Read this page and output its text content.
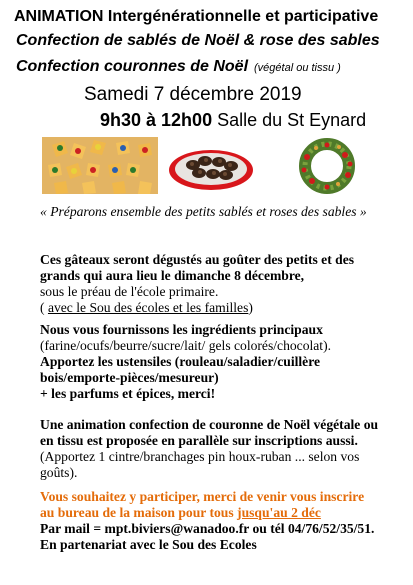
ANIMATION Intergénérationnelle et participative
Confection de sablés de Noël & rose des sables
Confection couronnes de Noël (végétal ou tissu )
Samedi 7 décembre 2019
9h30 à 12h00 Salle du St Eynard
« Préparons ensemble des petits sablés et roses des sables »
Ces gâteaux seront dégustés au goûter des petits et des grands qui aura lieu le dimanche 8 décembre,
sous le préau de l'école primaire.
( avec le Sou des écoles et les familles)
Nous vous fournissons les ingrédients principaux
(farine/ocufs/beurre/sucre/lait/ gels colorés/chocolat).
Apportez les ustensiles (rouleau/saladier/cuillère bois/emporte-pièces/mesureur)
+ les parfums et épices, merci!
Une animation confection de couronne de Noël végétale ou en tissu est proposée en parallèle sur inscriptions aussi. (Apportez 1 cintre/branchages pin houx-ruban ... selon vos goûts).
Vous souhaitez y participer, merci de venir vous inscrire au bureau de la maison pour tous jusqu'au 2 déc
Par mail = mpt.biviers@wanadoo.fr ou tél 04/76/52/35/51.
En partenariat avec le Sou des Ecoles
